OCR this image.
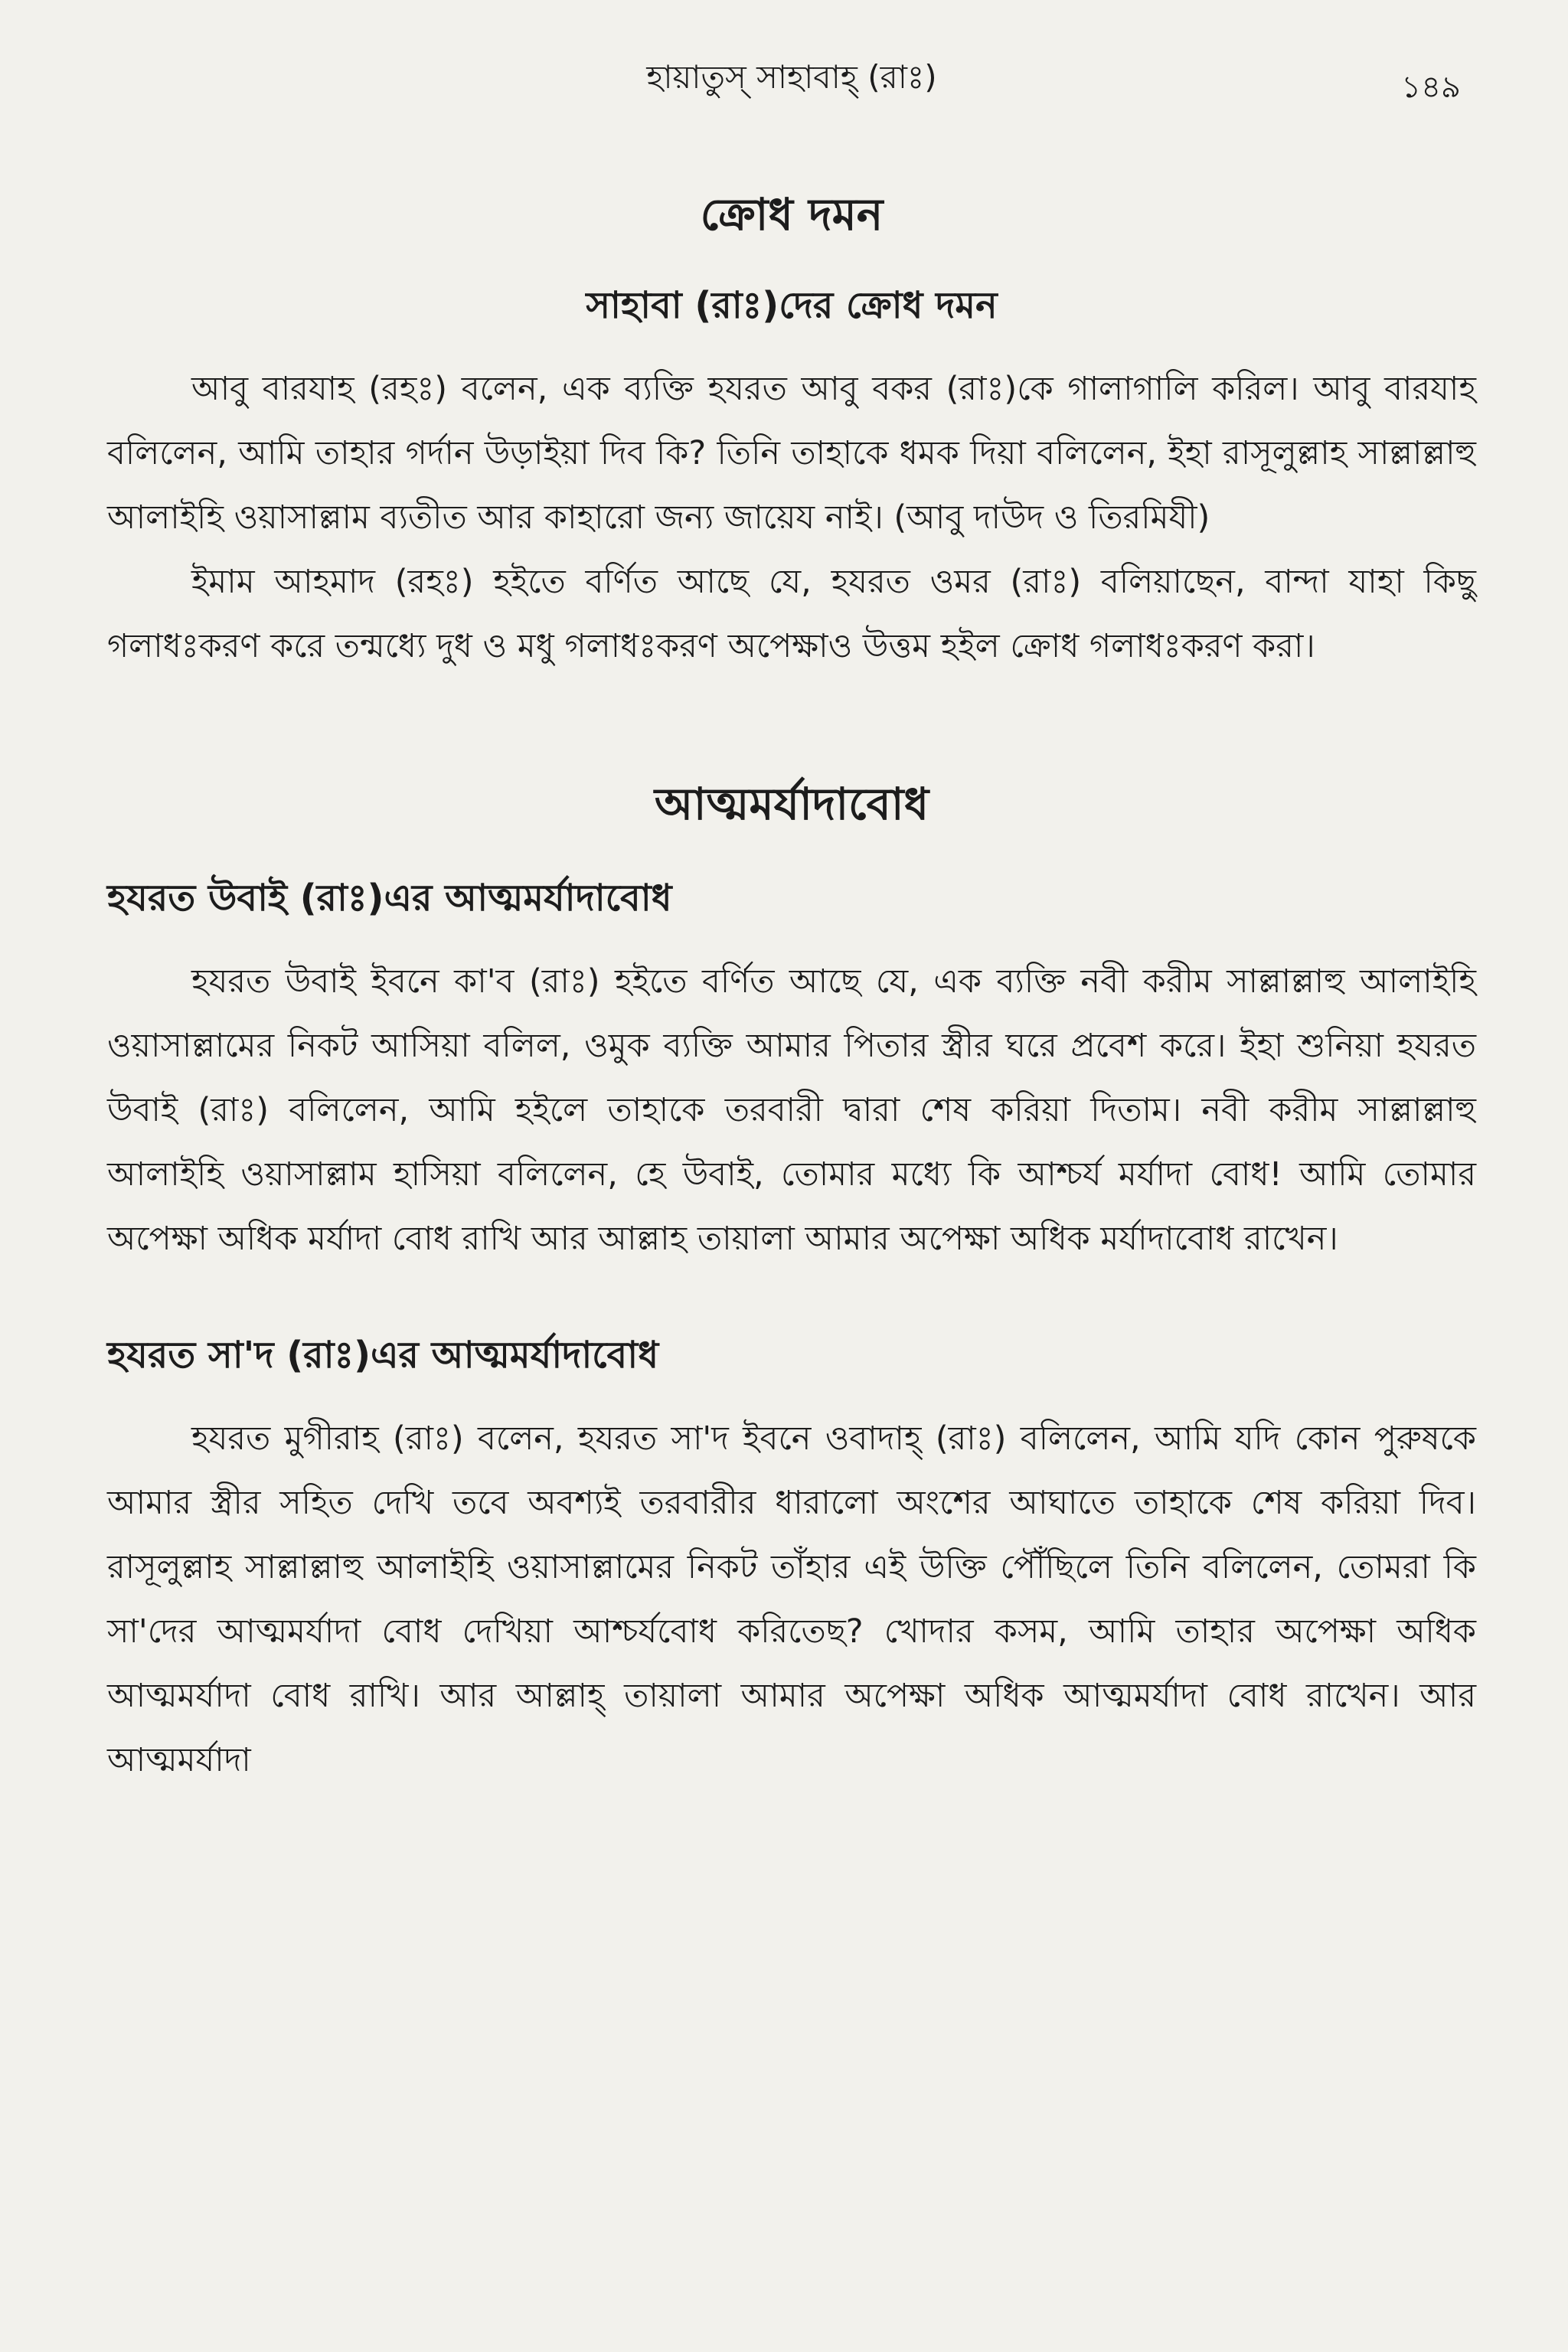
হায়াতুস্ সাহাবাহ্ (রাঃ)	১৪৯
ক্রোধ দমন
সাহাবা (রাঃ)দের ক্রোধ দমন

আবু বারযাহ (রহঃ) বলেন, এক ব্যক্তি হযরত আবু বকর (রাঃ)কে গালাগালি করিল। আবু বারযাহ বলিলেন, আমি তাহার গর্দান উড়াইয়া দিব কি? তিনি তাহাকে ধমক দিয়া বলিলেন, ইহা রাসূলুল্লাহ সাল্লাল্লাহু আলাইহি ওয়াসাল্লাম ব্যতীত আর কাহারো জন্য জায়েয নাই। (আবু দাউদ ও তিরমিযী)

ইমাম আহমাদ (রহঃ) হইতে বর্ণিত আছে যে, হযরত ওমর (রাঃ) বলিয়াছেন, বান্দা যাহা কিছু গলাধঃকরণ করে তন্মধ্যে দুধ ও মধু গলাধঃকরণ অপেক্ষাও উত্তম হইল ক্রোধ গলাধঃকরণ করা।

আত্মমর্যাদাবোধ
হযরত উবাই (রাঃ)এর আত্মমর্যাদাবোধ

হযরত উবাই ইবনে কা'ব (রাঃ) হইতে বর্ণিত আছে যে, এক ব্যক্তি নবী করীম সাল্লাল্লাহু আলাইহি ওয়াসাল্লামের নিকট আসিয়া বলিল, ওমুক ব্যক্তি আমার পিতার স্ত্রীর ঘরে প্রবেশ করে। ইহা শুনিয়া হযরত উবাই (রাঃ) বলিলেন, আমি হইলে তাহাকে তরবারী দ্বারা শেষ করিয়া দিতাম। নবী করীম সাল্লাল্লাহু আলাইহি ওয়াসাল্লাম হাসিয়া বলিলেন, হে উবাই, তোমার মধ্যে কি আশ্চর্য মর্যাদা বোধ! আমি তোমার অপেক্ষা অধিক মর্যাদা বোধ রাখি আর আল্লাহ তায়ালা আমার অপেক্ষা অধিক মর্যাদাবোধ রাখেন।

হযরত সা'দ (রাঃ)এর আত্মমর্যাদাবোধ

হযরত মুগীরাহ (রাঃ) বলেন, হযরত সা'দ ইবনে ওবাদাহ্ (রাঃ) বলিলেন, আমি যদি কোন পুরুষকে আমার স্ত্রীর সহিত দেখি তবে অবশ্যই তরবারীর ধারালো অংশের আঘাতে তাহাকে শেষ করিয়া দিব। রাসূলুল্লাহ সাল্লাল্লাহু আলাইহি ওয়াসাল্লামের নিকট তাঁহার এই উক্তি পৌঁছিলে তিনি বলিলেন, তোমরা কি সা'দের আত্মমর্যাদা বোধ দেখিয়া আশ্চর্যবোধ করিতেছ? খোদার কসম, আমি তাহার অপেক্ষা অধিক আত্মমর্যাদা বোধ রাখি। আর আল্লাহ্ তায়ালা আমার অপেক্ষা অধিক আত্মমর্যাদা বোধ রাখেন। আর আত্মমর্যাদা
